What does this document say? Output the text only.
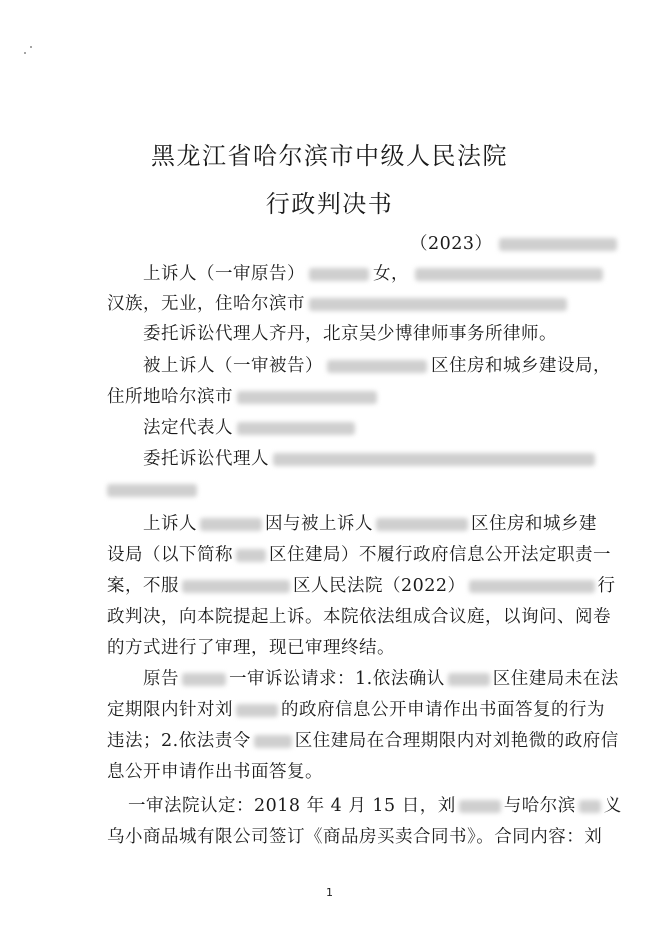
黑龙江省哈尔滨市中级人民法院
行政判决书
（2023）
上诉人（一审原告）	女，
汉族，无业，住哈尔滨市
委托诉讼代理人齐丹，北京吴少博律师事务所律师。
被上诉人（一审被告）	区住房和城乡建设局，
住所地哈尔滨市
法定代表人
委托诉讼代理人
上诉人	因与被上诉人	区住房和城乡建
设局（以下简称 区住建局）不履行政府信息公开法定职责一
案，不服	区人民法院（2022）	行
政判决，向本院提起上诉。本院依法组成合议庭，以询问、阅卷
的方式进行了审理，现已审理终结。
原告	一审诉讼请求：1.依法确认	区住建局未在法
定期限内针对刘	的政府信息公开申请作出书面答复的行为
违法；2.依法责令	区住建局在合理期限内对刘艳微的政府信
息公开申请作出书面答复。
一审法院认定：2018 年 4 月 15 日，刘	与哈尔滨 义
乌小商品城有限公司签订《商品房买卖合同书》。合同内容：刘
1
